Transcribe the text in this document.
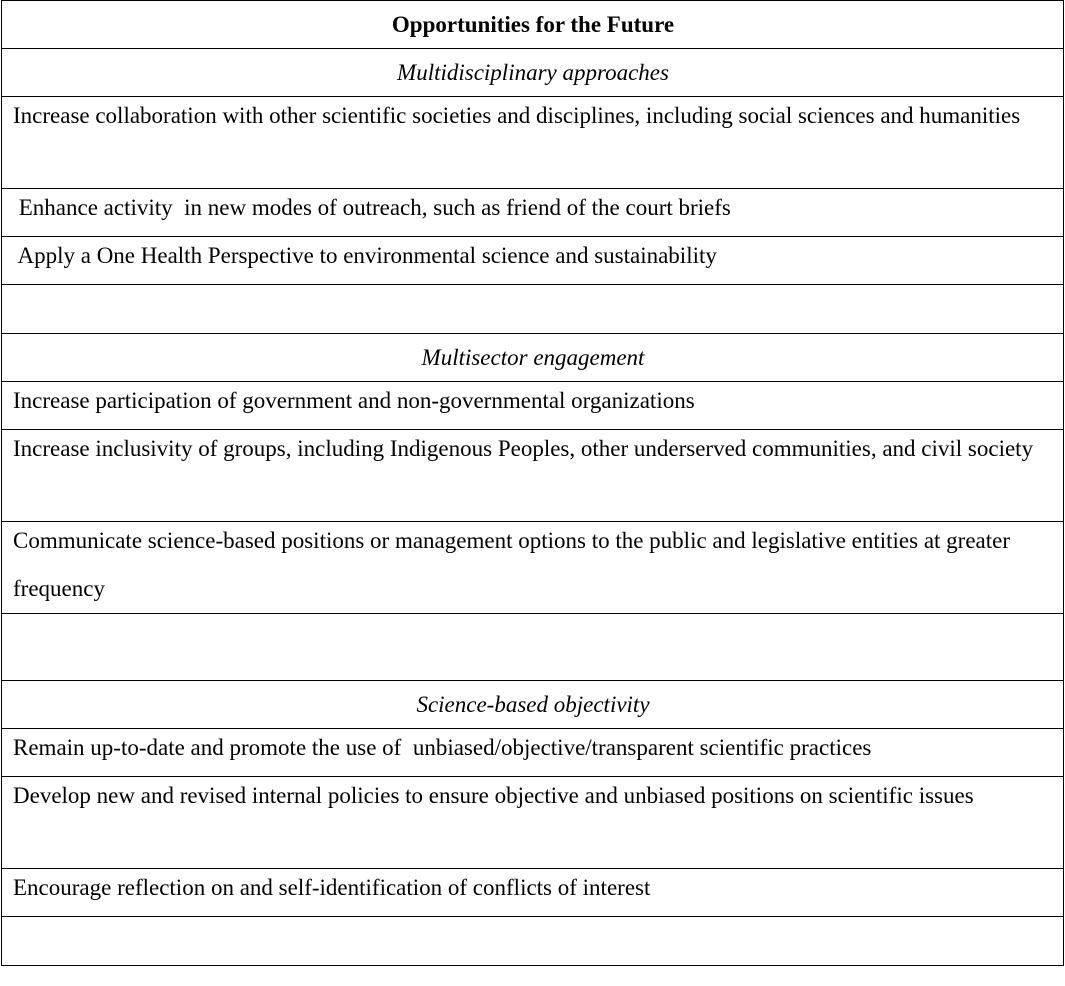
Opportunities for the Future
Multidisciplinary approaches
Increase collaboration with other scientific societies and disciplines, including social sciences and humanities
Enhance activity  in new modes of outreach, such as friend of the court briefs
Apply a One Health Perspective to environmental science and sustainability
Multisector engagement
Increase participation of government and non-governmental organizations
Increase inclusivity of groups, including Indigenous Peoples, other underserved communities, and civil society
Communicate science-based positions or management options to the public and legislative entities at greater frequency
Science-based objectivity
Remain up-to-date and promote the use of  unbiased/objective/transparent scientific practices
Develop new and revised internal policies to ensure objective and unbiased positions on scientific issues
Encourage reflection on and self-identification of conflicts of interest
